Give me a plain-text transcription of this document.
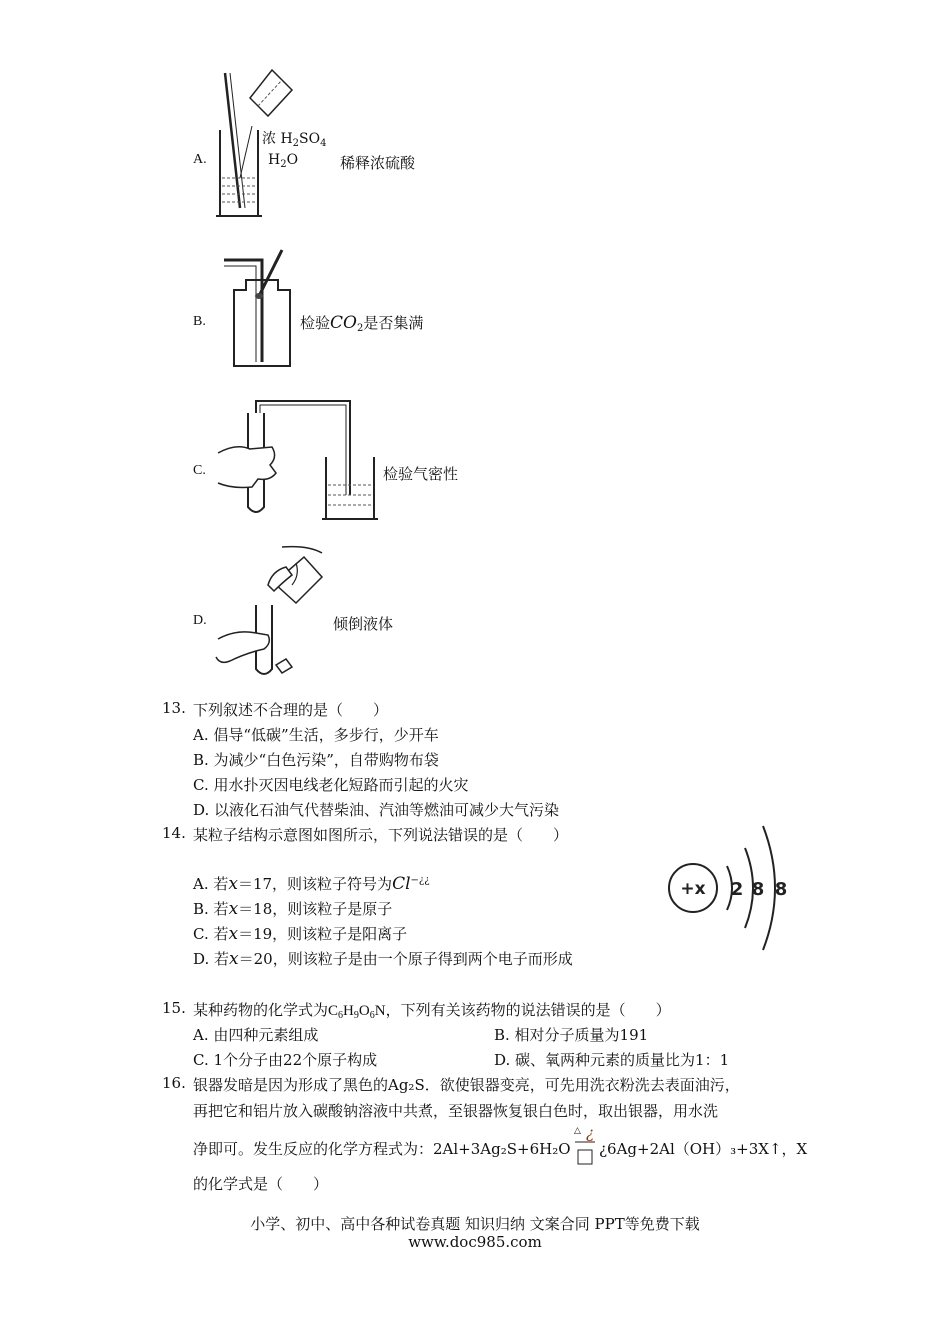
A.
浓 $H_2SO_4$
$H_2O$	稀释浓硫酸
B.	检验$CO_2$是否集满
C.	检验气密性
D.	倾倒液体
13. 下列叙述不合理的是（　　）
A. 倡导“低碳”生活，多步行，少开车
B. 为减少“白色污染”，自带购物布袋
C. 用水扑灭因电线老化短路而引起的火灾
D. 以液化石油气代替柴油、汽油等燃油可减少大气污染
14. 某粒子结构示意图如图所示，下列说法错误的是（　　）
A. 若x＝17，则该粒子符号为Cl−¿¿
B. 若x＝18，则该粒子是原子
C. 若x＝19，则该粒子是阳离子
D. 若x＝20，则该粒子是由一个原子得到两个电子而形成
+x 2 8 8
15. 某种药物的化学式为$C_6H_9O_6N$，下列有关该药物的说法错误的是（　　）
A. 由四种元素组成	B. 相对分子质量为191
C. 1个分子由22个原子构成	D. 碳、氧两种元素的质量比为1：1
16. 银器发暗是因为形成了黑色的Ag₂S．欲使银器变亮，可先用洗衣粉洗去表面油污，
再把它和铝片放入碳酸钠溶液中共煮，至银器恢复银白色时，取出银器，用水洗
净即可。发生反应的化学方程式为：2Al+3Ag₂S+6H₂O
△ ¿
¿6Ag+2Al（OH）₃+3X↑，X
的化学式是（　　）
小学、初中、高中各种试卷真题 知识归纳 文案合同 PPT等免费下载
www.doc985.com
